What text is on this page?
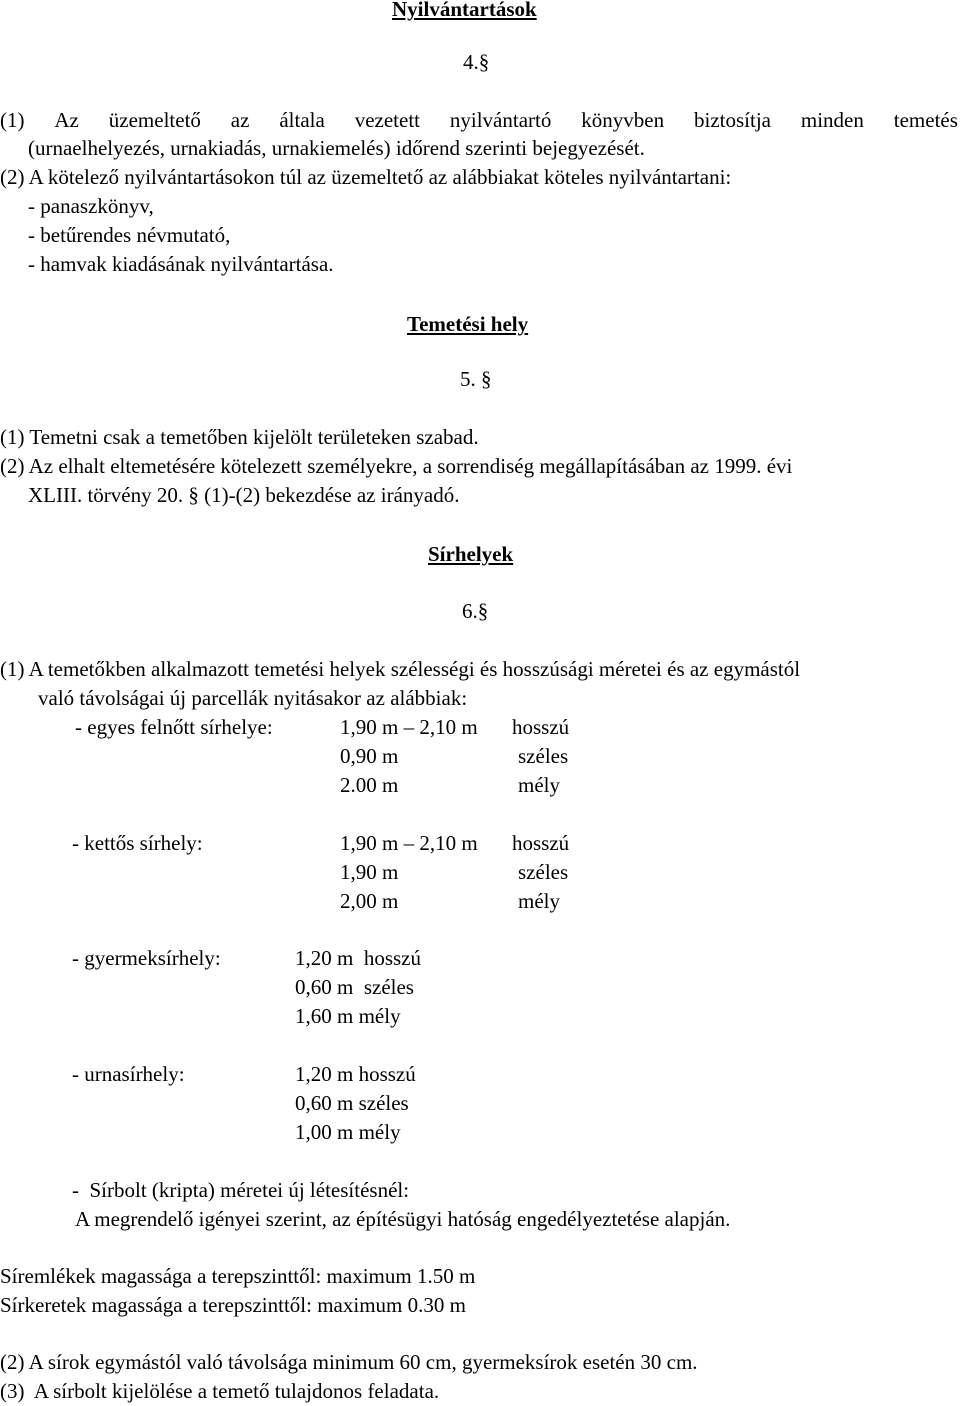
Nyilvántartások
4.§
(1) Az üzemeltető az általa vezetett nyilvántartó könyvben biztosítja minden temetés
(urnaelhelyezés, urnakiadás, urnakiemelés) időrend szerinti bejegyezését.
(2) A kötelező nyilvántartásokon túl az üzemeltető az alábbiakat köteles nyilvántartani:
- panaszkönyv,
- betűrendes névmutató,
- hamvak kiadásának nyilvántartása.
Temetési hely
5. §
(1) Temetni csak a temetőben kijelölt területeken szabad.
(2) Az elhalt eltemetésére kötelezett személyekre, a sorrendiség megállapításában az 1999. évi
XLIII. törvény 20. § (1)-(2) bekezdése az irányadó.
Sírhelyek
6.§
(1) A temetőkben alkalmazott temetési helyek szélességi és hosszúsági méretei és az egymástól
való távolságai új parcellák nyitásakor az alábbiak:
- egyes felnőtt sírhelye:	1,90 m – 2,10 m hosszú
0,90 m	széles
2.00 m	mély
- kettős sírhely:	1,90 m – 2,10 m hosszú
1,90 m	széles
2,00 m	mély
- gyermeksírhely:	1,20 m  hosszú
0,60 m  széles
1,60 m mély
- urnasírhely:	1,20 m hosszú
0,60 m széles
1,00 m mély
-  Sírbolt (kripta) méretei új létesítésnél:
A megrendelő igényei szerint, az építésügyi hatóság engedélyeztetése alapján.
Síremlékek magassága a terepszinttől: maximum 1.50 m
Sírkeretek magassága a terepszinttől: maximum 0.30 m
(2) A sírok egymástól való távolsága minimum 60 cm, gyermeksírok esetén 30 cm.
(3)  A sírbolt kijelölése a temető tulajdonos feladata.
